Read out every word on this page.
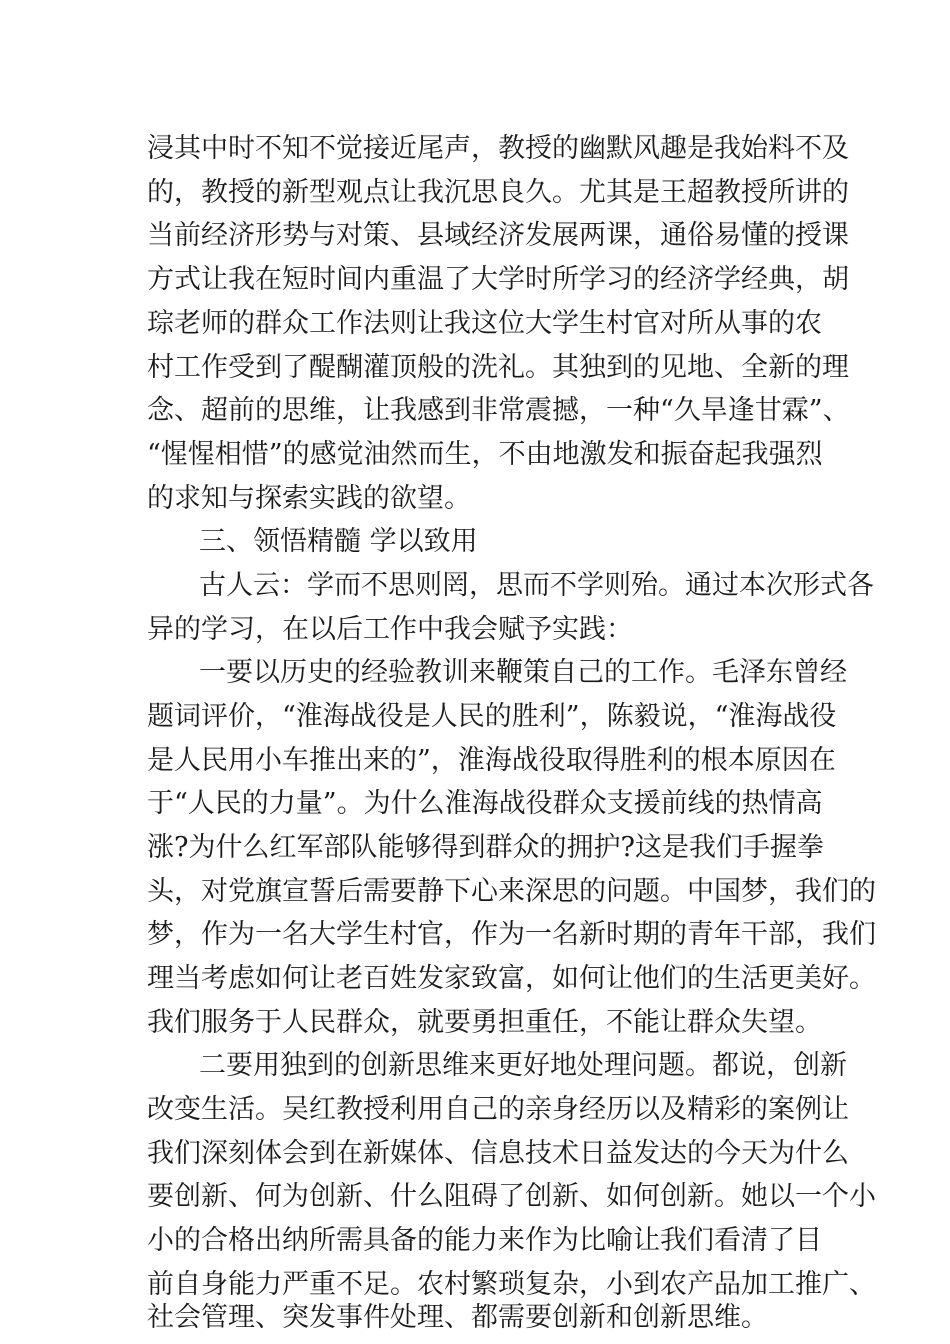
浸其中时不知不觉接近尾声，教授的幽默风趣是我始料不及
的，教授的新型观点让我沉思良久。尤其是王超教授所讲的
当前经济形势与对策、县域经济发展两课，通俗易懂的授课
方式让我在短时间内重温了大学时所学习的经济学经典，胡
琮老师的群众工作法则让我这位大学生村官对所从事的农
村工作受到了醍醐灌顶般的洗礼。其独到的见地、全新的理
念、超前的思维，让我感到非常震撼，一种“久旱逢甘霖”、
“惺惺相惜”的感觉油然而生，不由地激发和振奋起我强烈
的求知与探索实践的欲望。
三、领悟精髓 学以致用
古人云：学而不思则罔，思而不学则殆。通过本次形式各
异的学习，在以后工作中我会赋予实践：
一要以历史的经验教训来鞭策自己的工作。毛泽东曾经
题词评价，“淮海战役是人民的胜利”，陈毅说，“淮海战役
是人民用小车推出来的”，淮海战役取得胜利的根本原因在
于“人民的力量”。为什么淮海战役群众支援前线的热情高
涨?为什么红军部队能够得到群众的拥护?这是我们手握拳
头，对党旗宣誓后需要静下心来深思的问题。中国梦，我们的
梦，作为一名大学生村官，作为一名新时期的青年干部，我们
理当考虑如何让老百姓发家致富，如何让他们的生活更美好。
我们服务于人民群众，就要勇担重任，不能让群众失望。
二要用独到的创新思维来更好地处理问题。都说，创新
改变生活。吴红教授利用自己的亲身经历以及精彩的案例让
我们深刻体会到在新媒体、信息技术日益发达的今天为什么
要创新、何为创新、什么阻碍了创新、如何创新。她以一个小
小的合格出纳所需具备的能力来作为比喻让我们看清了目
前自身能力严重不足。农村繁琐复杂，小到农产品加工推广、
社会管理、突发事件处理、都需要创新和创新思维。
